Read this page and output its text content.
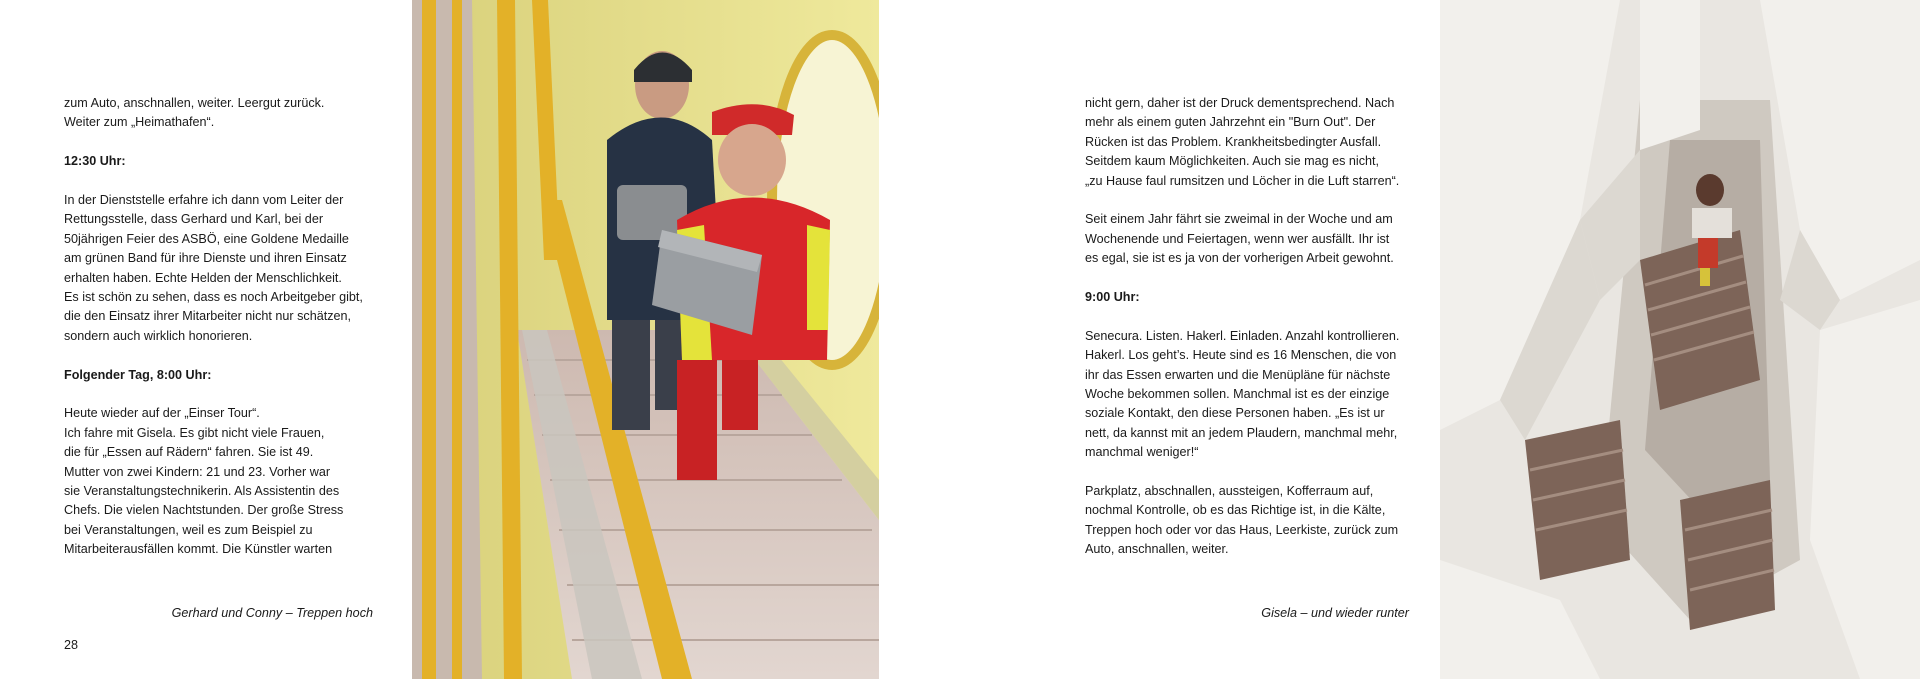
zum Auto, anschnallen, weiter. Leergut zurück.
Weiter zum „Heimathafen“.

12:30 Uhr:

In der Dienststelle erfahre ich dann vom Leiter der
Rettungsstelle, dass Gerhard und Karl, bei der
50jährigen Feier des ASBÖ, eine Goldene Medaille
am grünen Band für ihre Dienste und ihren Einsatz
erhalten haben. Echte Helden der Menschlichkeit.
Es ist schön zu sehen, dass es noch Arbeitgeber gibt,
die den Einsatz ihrer Mitarbeiter nicht nur schätzen,
sondern auch wirklich honorieren.

Folgender Tag, 8:00 Uhr:

Heute wieder auf der „Einser Tour“.
Ich fahre mit Gisela. Es gibt nicht viele Frauen,
die für „Essen auf Rädern“ fahren. Sie ist 49.
Mutter von zwei Kindern: 21 und 23. Vorher war
sie Veranstaltungstechnikerin. Als Assistentin des
Chefs. Die vielen Nachtstunden. Der große Stress
bei Veranstaltungen, weil es zum Beispiel zu
Mitarbeiterausfällen kommt. Die Künstler warten

Gerhard und Conny – Treppen hoch
28

nicht gern, daher ist der Druck dementsprechend. Nach
mehr als einem guten Jahrzehnt ein "Burn Out". Der
Rücken ist das Problem. Krankheitsbedingter Ausfall.
Seitdem kaum Möglichkeiten. Auch sie mag es nicht,
„zu Hause faul rumsitzen und Löcher in die Luft starren“.

Seit einem Jahr fährt sie zweimal in der Woche und am
Wochenende und Feiertagen, wenn wer ausfällt. Ihr ist
es egal, sie ist es ja von der vorherigen Arbeit gewohnt.

9:00 Uhr:

Senecura. Listen. Hakerl. Einladen. Anzahl kontrollieren.
Hakerl. Los geht’s. Heute sind es 16 Menschen, die von
ihr das Essen erwarten und die Menüpläne für nächste
Woche bekommen sollen. Manchmal ist es der einzige
soziale Kontakt, den diese Personen haben. „Es ist ur
nett, da kannst mit an jedem Plaudern, manchmal mehr,
manchmal weniger!“

Parkplatz, abschnallen, aussteigen, Kofferraum auf,
nochmal Kontrolle, ob es das Richtige ist, in die Kälte,
Treppen hoch oder vor das Haus, Leerkiste, zurück zum
Auto, anschnallen, weiter.

Gisela – und wieder runter
